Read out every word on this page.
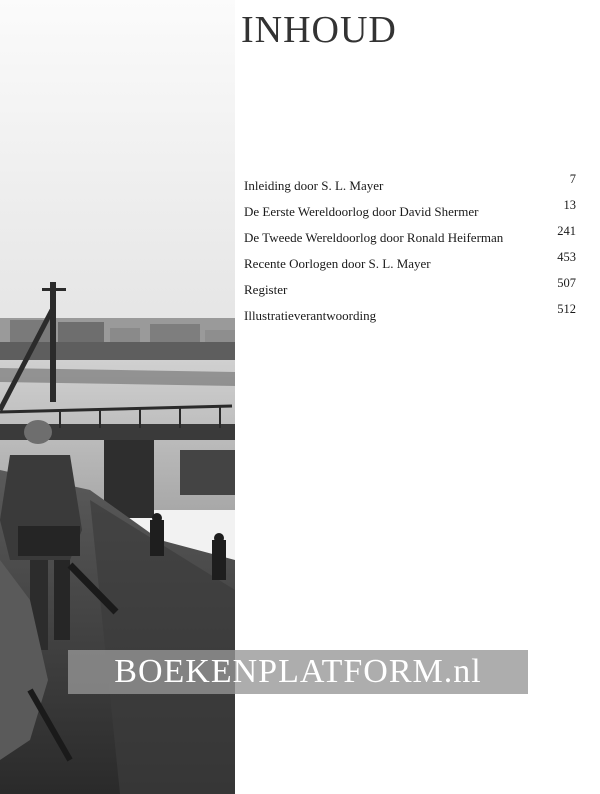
INHOUD
Inleiding door S. L. Mayer	7
De Eerste Wereldoorlog door David Shermer	13
De Tweede Wereldoorlog door Ronald Heiferman	241
Recente Oorlogen door S. L. Mayer	453
Register	507
Illustratieverantwoording	512
BOEKENPLATFORM.nl
